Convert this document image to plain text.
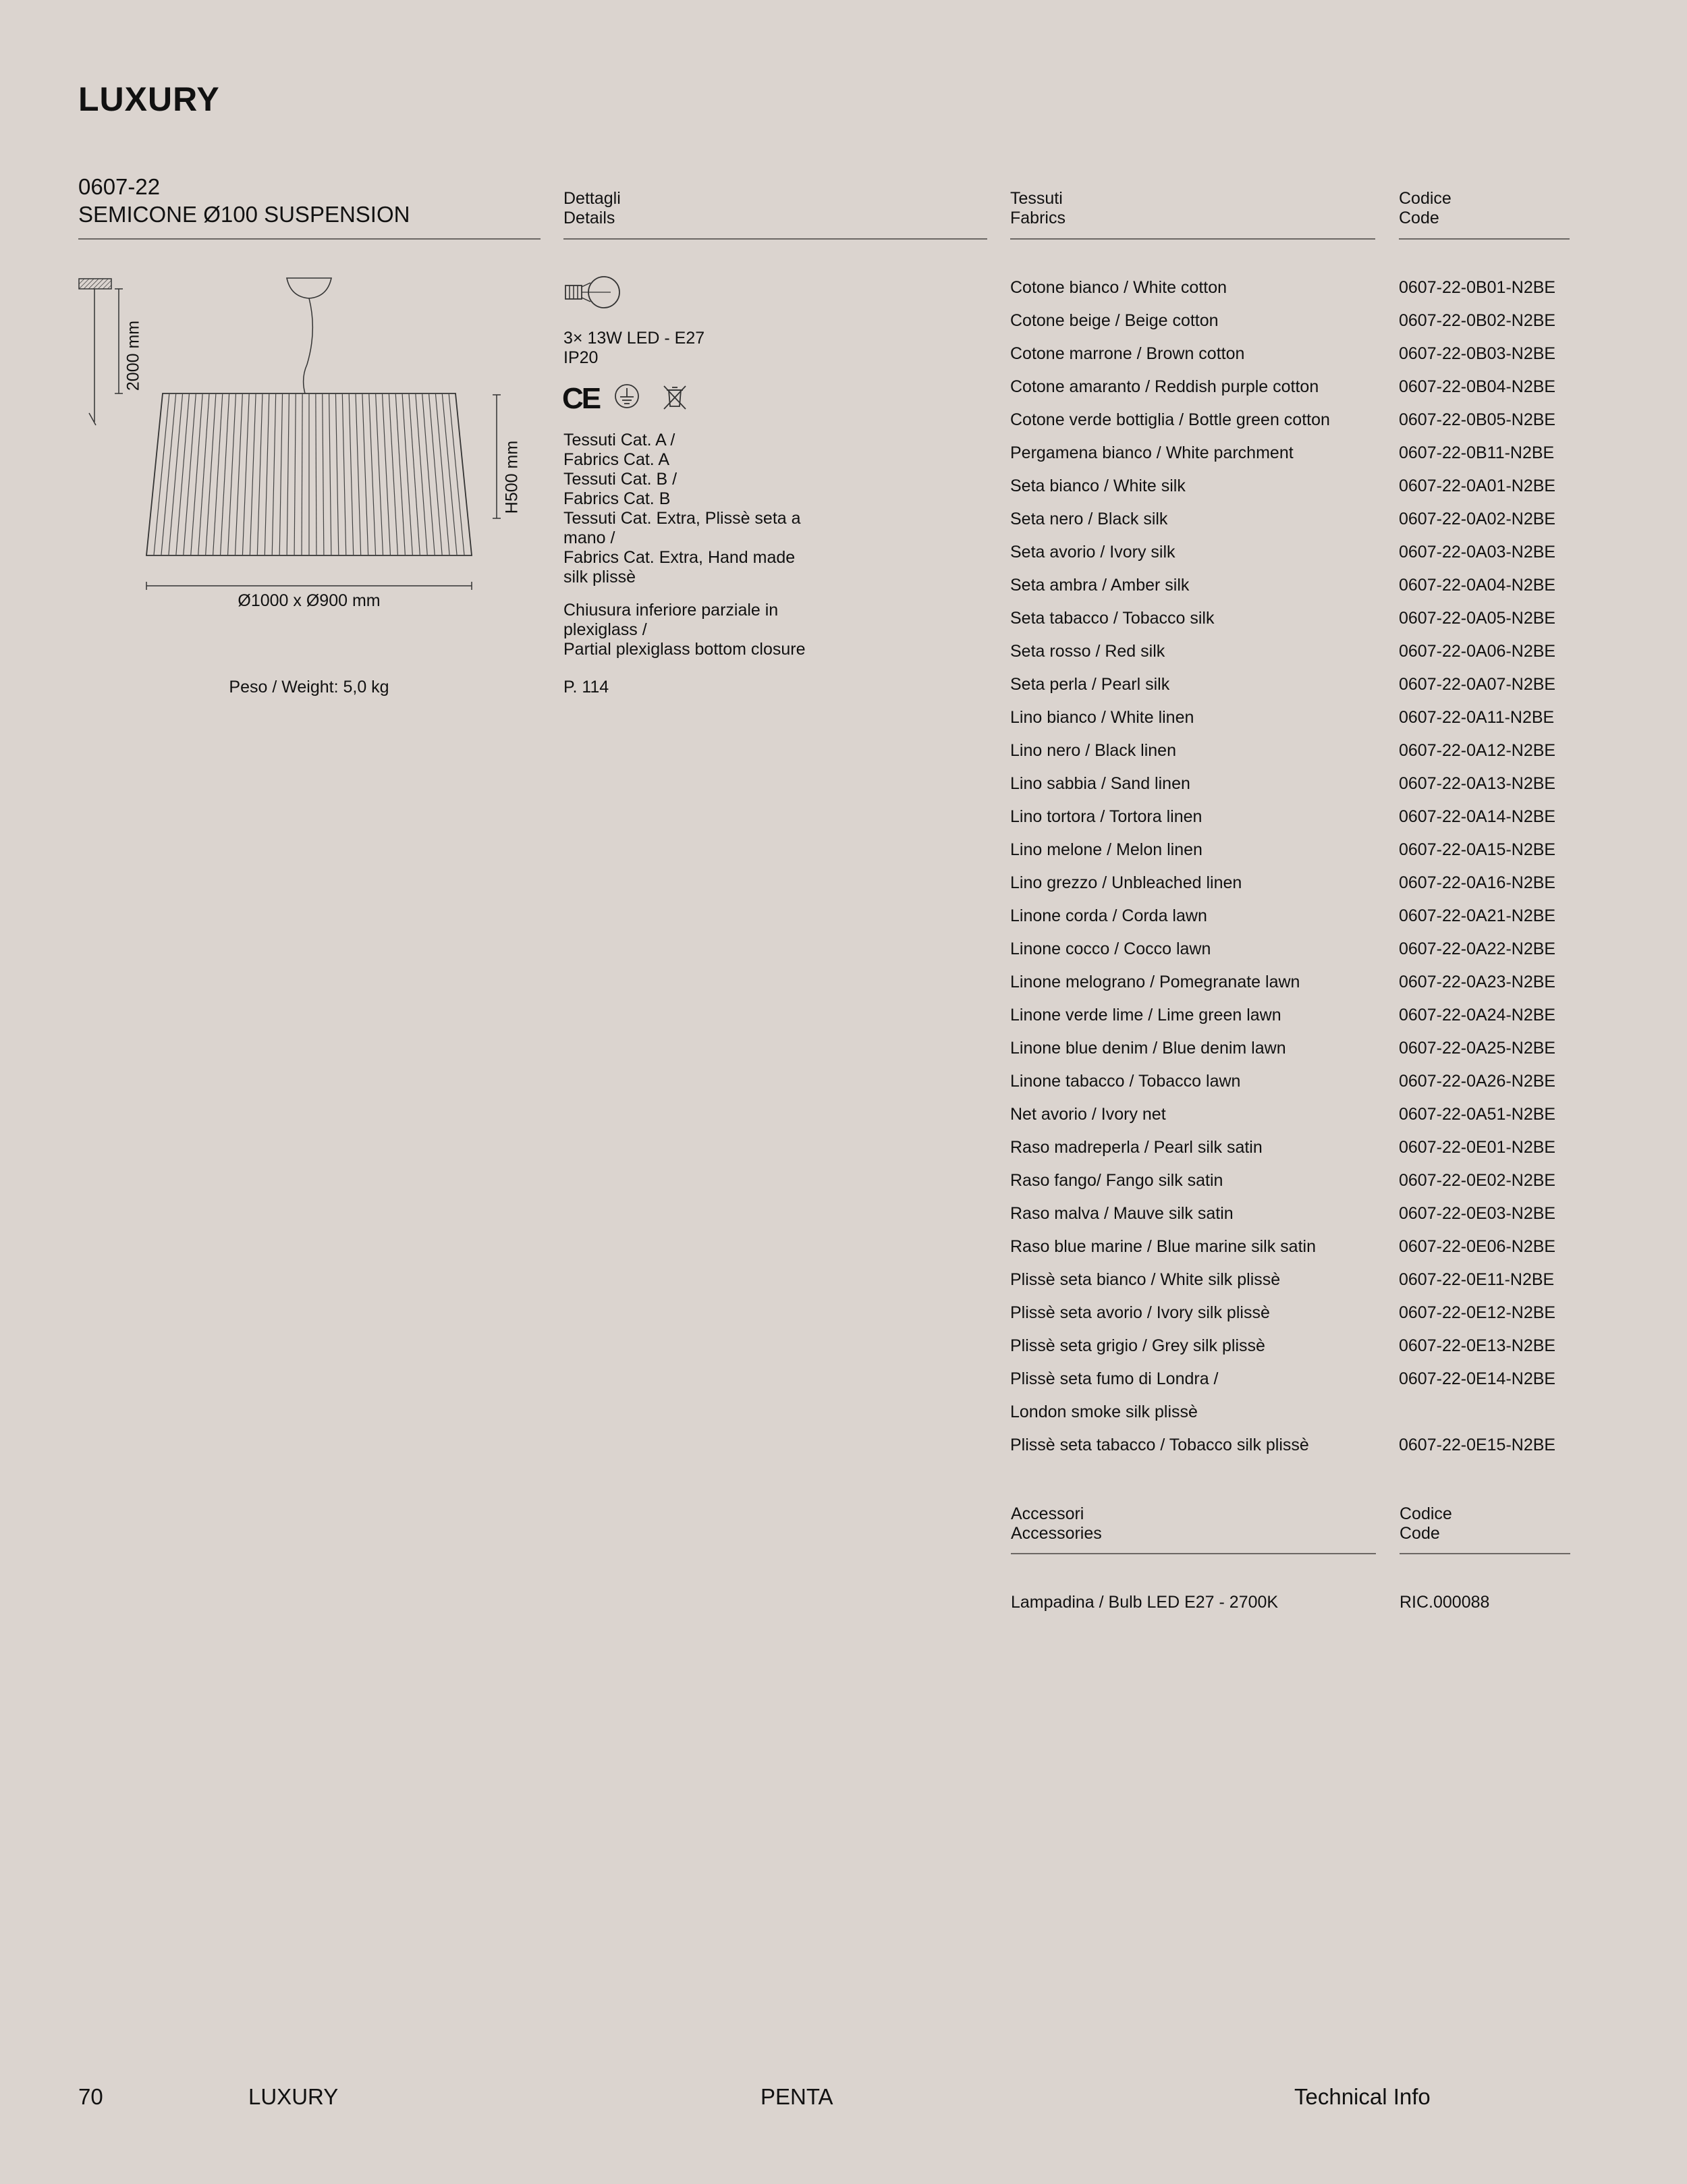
LUXURY
0607-22
SEMICONE Ø100 SUSPENSION
2000 mm
H500 mm
Ø1000 x Ø900 mm
Peso / Weight: 5,0 kg
Dettagli
Details
3× 13W LED - E27
IP20
CE
Tessuti Cat. A /
Fabrics Cat. A
Tessuti Cat. B /
Fabrics Cat. B
Tessuti Cat. Extra, Plissè seta a
mano /
Fabrics Cat. Extra, Hand made
silk plissè
Chiusura inferiore parziale in
plexiglass /
Partial plexiglass bottom closure
P. 114
Tessuti
Fabrics
Codice
Code
Cotone bianco / White cotton	0607-22-0B01-N2BE
Cotone beige / Beige cotton	0607-22-0B02-N2BE
Cotone marrone / Brown cotton	0607-22-0B03-N2BE
Cotone amaranto / Reddish purple cotton	0607-22-0B04-N2BE
Cotone verde bottiglia / Bottle green cotton	0607-22-0B05-N2BE
Pergamena bianco / White parchment	0607-22-0B11-N2BE
Seta bianco / White silk	0607-22-0A01-N2BE
Seta nero / Black silk	0607-22-0A02-N2BE
Seta avorio / Ivory silk	0607-22-0A03-N2BE
Seta ambra / Amber silk	0607-22-0A04-N2BE
Seta tabacco / Tobacco silk	0607-22-0A05-N2BE
Seta rosso / Red silk	0607-22-0A06-N2BE
Seta perla / Pearl silk	0607-22-0A07-N2BE
Lino bianco / White linen	0607-22-0A11-N2BE
Lino nero / Black linen	0607-22-0A12-N2BE
Lino sabbia / Sand linen	0607-22-0A13-N2BE
Lino tortora / Tortora linen	0607-22-0A14-N2BE
Lino melone / Melon linen	0607-22-0A15-N2BE
Lino grezzo / Unbleached linen	0607-22-0A16-N2BE
Linone corda / Corda lawn	0607-22-0A21-N2BE
Linone cocco / Cocco lawn	0607-22-0A22-N2BE
Linone melograno / Pomegranate lawn	0607-22-0A23-N2BE
Linone verde lime / Lime green lawn	0607-22-0A24-N2BE
Linone blue denim / Blue denim lawn	0607-22-0A25-N2BE
Linone tabacco / Tobacco lawn	0607-22-0A26-N2BE
Net avorio / Ivory net	0607-22-0A51-N2BE
Raso madreperla / Pearl silk satin	0607-22-0E01-N2BE
Raso fango/ Fango silk satin	0607-22-0E02-N2BE
Raso malva / Mauve silk satin	0607-22-0E03-N2BE
Raso blue marine / Blue marine silk satin	0607-22-0E06-N2BE
Plissè seta bianco / White silk plissè	0607-22-0E11-N2BE
Plissè seta avorio / Ivory silk plissè	0607-22-0E12-N2BE
Plissè seta grigio / Grey silk plissè	0607-22-0E13-N2BE
Plissè seta fumo di Londra /	0607-22-0E14-N2BE
London smoke silk plissè
Plissè seta tabacco / Tobacco silk plissè	0607-22-0E15-N2BE
Accessori
Accessories
Codice
Code
Lampadina / Bulb LED E27 - 2700K	RIC.000088
70	LUXURY	PENTA	Technical Info
